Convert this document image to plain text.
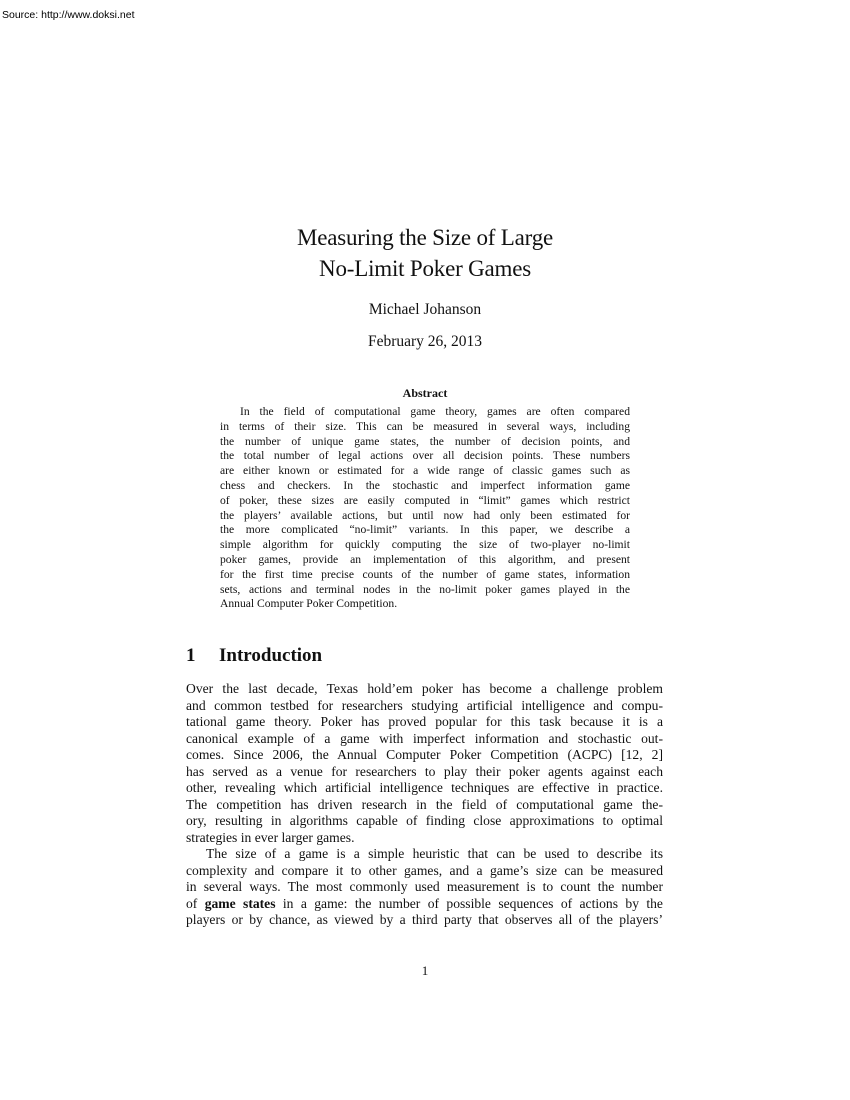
Source: http://www.doksi.net
Measuring the Size of Large
No-Limit Poker Games
Michael Johanson
February 26, 2013
Abstract
In the field of computational game theory, games are often compared
in terms of their size. This can be measured in several ways, including
the number of unique game states, the number of decision points, and
the total number of legal actions over all decision points. These numbers
are either known or estimated for a wide range of classic games such as
chess and checkers. In the stochastic and imperfect information game
of poker, these sizes are easily computed in “limit” games which restrict
the players’ available actions, but until now had only been estimated for
the more complicated “no-limit” variants. In this paper, we describe a
simple algorithm for quickly computing the size of two-player no-limit
poker games, provide an implementation of this algorithm, and present
for the first time precise counts of the number of game states, information
sets, actions and terminal nodes in the no-limit poker games played in the
Annual Computer Poker Competition.
1 Introduction
Over the last decade, Texas hold’em poker has become a challenge problem
and common testbed for researchers studying artificial intelligence and compu-
tational game theory. Poker has proved popular for this task because it is a
canonical example of a game with imperfect information and stochastic out-
comes. Since 2006, the Annual Computer Poker Competition (ACPC) [12, 2]
has served as a venue for researchers to play their poker agents against each
other, revealing which artificial intelligence techniques are effective in practice.
The competition has driven research in the field of computational game the-
ory, resulting in algorithms capable of finding close approximations to optimal
strategies in ever larger games.
The size of a game is a simple heuristic that can be used to describe its
complexity and compare it to other games, and a game’s size can be measured
in several ways. The most commonly used measurement is to count the number
of game states in a game: the number of possible sequences of actions by the
players or by chance, as viewed by a third party that observes all of the players’
1
